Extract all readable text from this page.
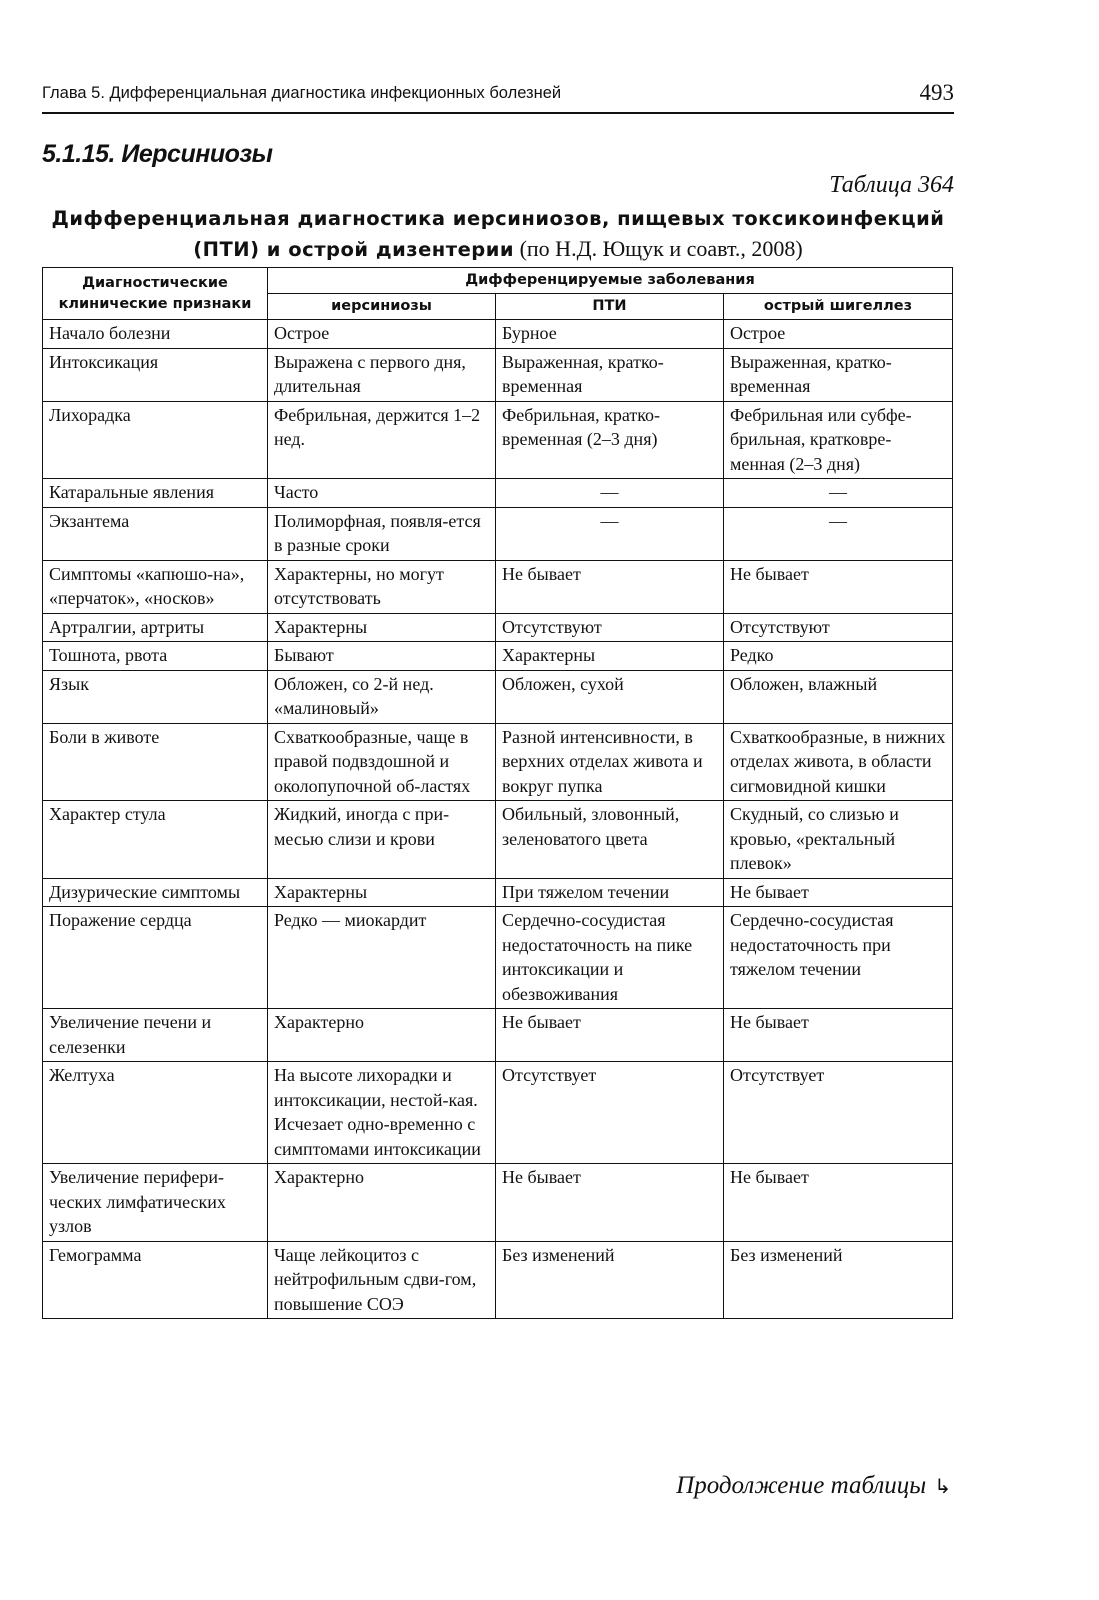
Глава 5. Дифференциальная диагностика инфекционных болезней	493
5.1.15. Иерсиниозы
Таблица 364
Дифференциальная диагностика иерсиниозов, пищевых токсикоинфекций
(ПТИ) и острой дизентерии (по Н.Д. Ющук и соавт., 2008)
Диагностические клинические признаки	Дифференцируемые заболевания		
	иерсиниозы	ПТИ	острый шигеллез
Начало болезни	Острое	Бурное	Острое
Интоксикация	Выражена с первого дня, длительная	Выраженная, кратко-временная	Выраженная, кратко-временная
Лихорадка	Фебрильная, держится 1–2 нед.	Фебрильная, кратко-временная (2–3 дня)	Фебрильная или субфе-брильная, кратковре-менная (2–3 дня)
Катаральные явления	Часто	—	—
Экзантема	Полиморфная, появля-ется в разные сроки	—	—
Симптомы «капюшо-на», «перчаток», «носков»	Характерны, но могут отсутствовать	Не бывает	Не бывает
Артралгии, артриты	Характерны	Отсутствуют	Отсутствуют
Тошнота, рвота	Бывают	Характерны	Редко
Язык	Обложен, со 2-й нед. «малиновый»	Обложен, сухой	Обложен, влажный
Боли в животе	Схваткообразные, чаще в правой подвздошной и околопупочной об-ластях	Разной интенсивности, в верхних отделах живота и вокруг пупка	Схваткообразные, в нижних отделах живота, в области сигмовидной кишки
Характер стула	Жидкий, иногда с при-месью слизи и крови	Обильный, зловонный, зеленоватого цвета	Скудный, со слизью и кровью, «ректальный плевок»
Дизурические симптомы	Характерны	При тяжелом течении	Не бывает
Поражение сердца	Редко — миокардит	Сердечно-сосудистая недостаточность на пике интоксикации и обезвоживания	Сердечно-сосудистая недостаточность при тяжелом течении
Увеличение печени и селезенки	Характерно	Не бывает	Не бывает
Желтуха	На высоте лихорадки и интоксикации, нестой-кая. Исчезает одно-временно с симптомами интоксикации	Отсутствует	Отсутствует
Увеличение перифери-ческих лимфатических узлов	Характерно	Не бывает	Не бывает
Гемограмма	Чаще лейкоцитоз с нейтрофильным сдви-гом, повышение СОЭ	Без изменений	Без изменений
Продолжение таблицы ↳
